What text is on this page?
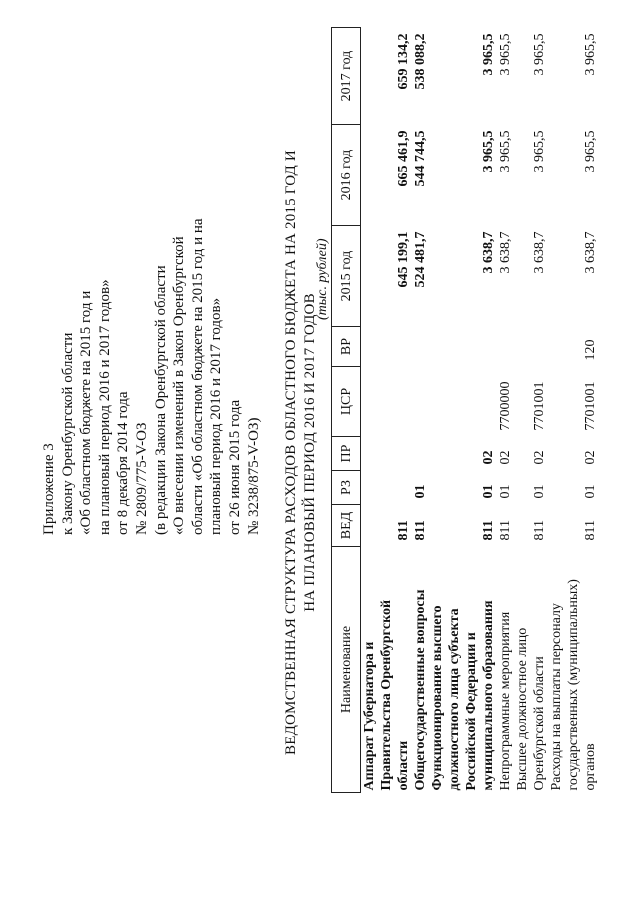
Приложение 3 к Закону Оренбургской области «Об областном бюджете на 2015 год и на плановый период 2016 и 2017 годов» от 8 декабря 2014 года № 2809/775-V-ОЗ (в редакции Закона Оренбургской области «О внесении изменений в Закон Оренбургской области «Об областном бюджете на 2015 год и на плановый период 2016 и 2017 годов» от 26 июня 2015 года № 3238/875-V-ОЗ) ВЕДОМСТВЕННАЯ СТРУКТУРА РАСХОДОВ ОБЛАСТНОГО БЮДЖЕТА НА 2015 ГОД И НА ПЛАНОВЫЙ ПЕРИОД 2016 И 2017 ГОДОВ
(тыс. рублей)
Наименование	ВЕД	РЗ	ПР	ЦСР	ВР	2015 год	2016 год	2017 год
Аппарат Губернатора и Правительства Оренбургской области	811					645 199,1	665 461,9	659 134,2
Общегосударственные вопросы	811	01				524 481,7	544 744,5	538 088,2
Функционирование высшего должностного лица субъекта Российской Федерации и муниципального образования	811	01	02			3 638,7	3 965,5	3 965,5
Непрограммные мероприятия	811	01	02	7700000		3 638,7	3 965,5	3 965,5
Высшее должностное лицо Оренбургской области	811	01	02	7701001		3 638,7	3 965,5	3 965,5
Расходы на выплаты персоналу государственных (муниципальных) органов	811	01	02	7701001	120	3 638,7	3 965,5	3 965,5
